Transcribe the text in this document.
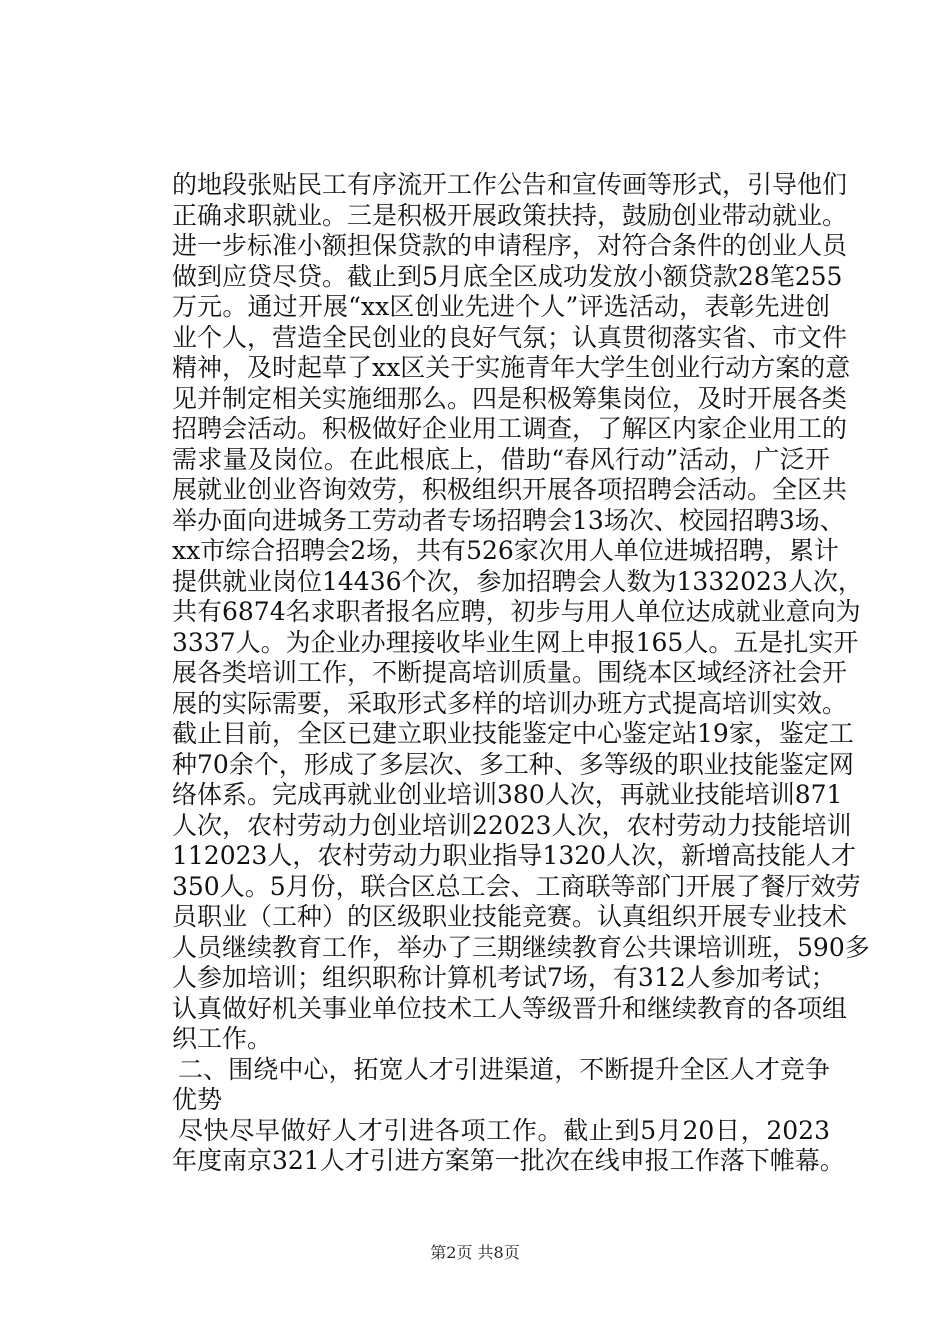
的地段张贴民工有序流开工作公告和宣传画等形式，引导他们
正确求职就业。三是积极开展政策扶持，鼓励创业带动就业。
进一步标准小额担保贷款的申请程序，对符合条件的创业人员
做到应贷尽贷。截止到5月底全区成功发放小额贷款28笔255
万元。通过开展“xx区创业先进个人”评选活动，表彰先进创
业个人，营造全民创业的良好气氛；认真贯彻落实省、市文件
精神，及时起草了xx区关于实施青年大学生创业行动方案的意
见并制定相关实施细那么。四是积极筹集岗位，及时开展各类
招聘会活动。积极做好企业用工调查，了解区内家企业用工的
需求量及岗位。在此根底上，借助“春风行动”活动，广泛开
展就业创业咨询效劳，积极组织开展各项招聘会活动。全区共
举办面向进城务工劳动者专场招聘会13场次、校园招聘3场、
xx市综合招聘会2场，共有526家次用人单位进城招聘，累计
提供就业岗位14436个次，参加招聘会人数为1332023人次，
共有6874名求职者报名应聘，初步与用人单位达成就业意向为
3337人。为企业办理接收毕业生网上申报165人。五是扎实开
展各类培训工作，不断提高培训质量。围绕本区域经济社会开
展的实际需要，采取形式多样的培训办班方式提高培训实效。
截止目前，全区已建立职业技能鉴定中心鉴定站19家，鉴定工
种70余个，形成了多层次、多工种、多等级的职业技能鉴定网
络体系。完成再就业创业培训380人次，再就业技能培训871
人次，农村劳动力创业培训22023人次，农村劳动力技能培训
112023人，农村劳动力职业指导1320人次，新增高技能人才
350人。5月份，联合区总工会、工商联等部门开展了餐厅效劳
员职业（工种）的区级职业技能竞赛。认真组织开展专业技术
人员继续教育工作，举办了三期继续教育公共课培训班，590多
人参加培训；组织职称计算机考试7场，有312人参加考试；
认真做好机关事业单位技术工人等级晋升和继续教育的各项组
织工作。
二、围绕中心，拓宽人才引进渠道，不断提升全区人才竞争
优势
尽快尽早做好人才引进各项工作。截止到5月20日，2023
年度南京321人才引进方案第一批次在线申报工作落下帷幕。
第2页 共8页
